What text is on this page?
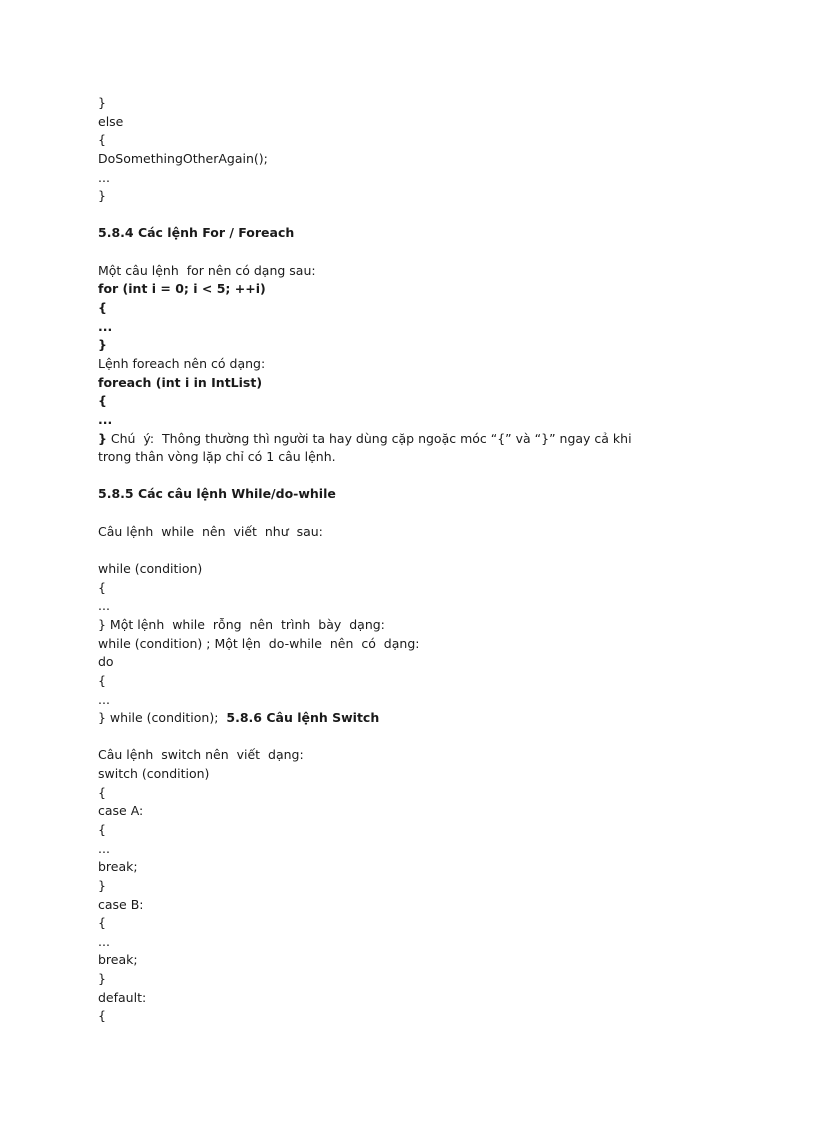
}
else
{
DoSomethingOtherAgain();
...
}
5.8.4 Các lệnh For / Foreach
Một câu lệnh  for nên có dạng sau:
for (int i = 0; i < 5; ++i)
{
...
}
Lệnh foreach nên có dạng:
foreach (int i in IntList)
{
...
} Chú  ý:  Thông thường thì người ta hay dùng cặp ngoặc móc “{” và “}” ngay cả khi
trong thân vòng lặp chỉ có 1 câu lệnh.
5.8.5 Các câu lệnh While/do-while
Câu lệnh  while  nên  viết  như  sau:
while (condition)
{
...
} Một lệnh  while  rỗng  nên  trình  bày  dạng:
while (condition) ; Một lện  do-while  nên  có  dạng:
do
{
...
} while (condition); 5.8.6 Câu lệnh Switch
Câu lệnh  switch nên  viết  dạng:
switch (condition)
{
case A:
{
...
break;
}
case B:
{
...
break;
}
default:
{
